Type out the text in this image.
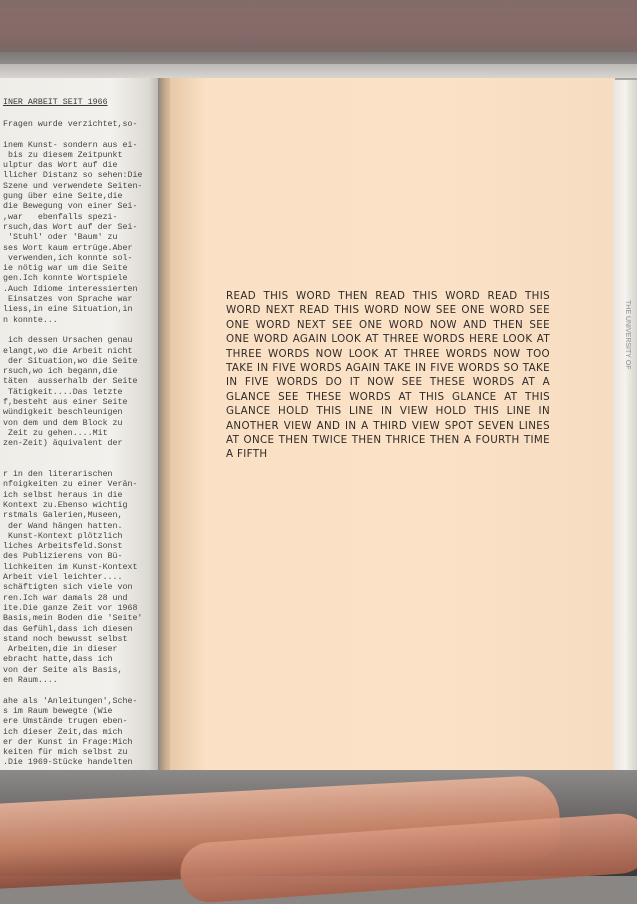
INER ARBEIT SEIT 1966
Fragen wurde verzichtet,so-

inem Kunst- sondern aus ei-
bis zu diesem Zeitpunkt
ulptur das Wort auf die
llicher Distanz so sehen:Die
Szene und verwendete Seiten-
gung über eine Seite,die
die Bewegung von einer Sei-
,war   ebenfalls spezi-
rsuch,das Wort auf der Sei-
'Stuhl' oder 'Baum' zu
ses Wort kaum ertrüge.Aber
verwenden,ich konnte sol-
ie nötig war um die Seite
gen.Ich konnte Wortspiele
.Auch Idiome interessierten
Einsatzes von Sprache war
liess,in eine Situation,in
n konnte...

ich dessen Ursachen genau
elangt,wo die Arbeit nicht
der Situation,wo die Seite
rsuch,wo ich begann,die
täten  ausserhalb der Seite
Tätigkeit....Das letzte
f,besteht aus einer Seite
wündigkeit beschleunigen
von dem und dem Block zu
Zeit zu gehen....Mit
zen-Zeit) äquivalent der

r in den literarischen
nfoigkeiten zu einer Verän-
ich selbst heraus in die
Kontext zu.Ebenso wichtig
rstmals Galerien,Museen,
der Wand hängen hatten.
Kunst-Kontext plötzlich
liches Arbeitsfeld.Sonst
des Publizierens von Bü-
lichkeiten im Kunst-Kontext
Arbeit viel leichter....
schäftigten sich viele von
ren.Ich war damals 28 und
ite.Die ganze Zeit vor 1968
Basis,mein Boden die 'Seite'
das Gefühl,dass ich diesen
stand noch bewusst selbst
Arbeiten,die in dieser
ebracht hatte,dass ich
von der Seite als Basis,
en Raum....

ahe als 'Anleitungen',Sche-
s im Raum bewegte (Wie
ere Umstände trugen eben-
ich dieser Zeit,das mich
er der Kunst in Frage:Mich
keiten für mich selbst zu
.Die 1969-Stücke handelten

READ THIS WORD THEN READ THIS WORD READ THIS WORD NEXT READ THIS WORD NOW SEE ONE WORD SEE ONE WORD NEXT SEE ONE WORD NOW AND THEN SEE ONE WORD AGAIN LOOK AT THREE WORDS HERE LOOK AT THREE WORDS NOW LOOK AT THREE WORDS NOW TOO TAKE IN FIVE WORDS AGAIN TAKE IN FIVE WORDS SO TAKE IN FIVE WORDS DO IT NOW SEE THESE WORDS AT A GLANCE SEE THESE WORDS AT THIS GLANCE AT THIS GLANCE HOLD THIS LINE IN VIEW HOLD THIS LINE IN ANOTHER VIEW AND IN A THIRD VIEW SPOT SEVEN LINES AT ONCE THEN TWICE THEN THRICE THEN A FOURTH TIME A FIFTH

THE UNIVERSITY OF
